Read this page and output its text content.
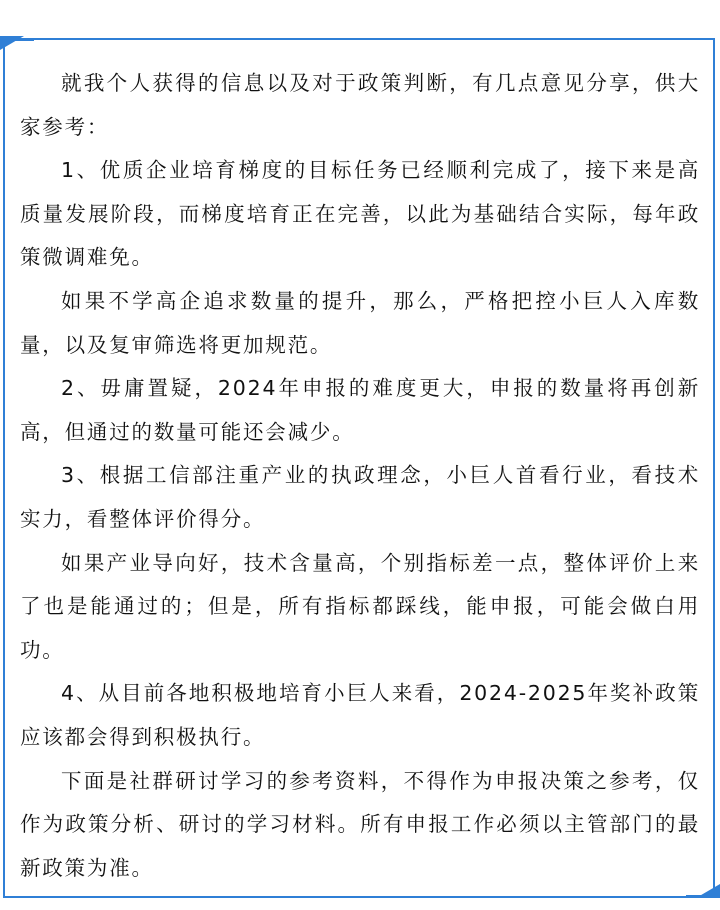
就我个人获得的信息以及对于政策判断，有几点意见分享，供大家参考：

1、优质企业培育梯度的目标任务已经顺利完成了，接下来是高质量发展阶段，而梯度培育正在完善，以此为基础结合实际，每年政策微调难免。

如果不学高企追求数量的提升，那么，严格把控小巨人入库数量，以及复审筛选将更加规范。

2、毋庸置疑，2024年申报的难度更大，申报的数量将再创新高，但通过的数量可能还会减少。

3、根据工信部注重产业的执政理念，小巨人首看行业，看技术实力，看整体评价得分。

如果产业导向好，技术含量高，个别指标差一点，整体评价上来了也是能通过的；但是，所有指标都踩线，能申报，可能会做白用功。

4、从目前各地积极地培育小巨人来看，2024-2025年奖补政策应该都会得到积极执行。

下面是社群研讨学习的参考资料，不得作为申报决策之参考，仅作为政策分析、研讨的学习材料。所有申报工作必须以主管部门的最新政策为准。
